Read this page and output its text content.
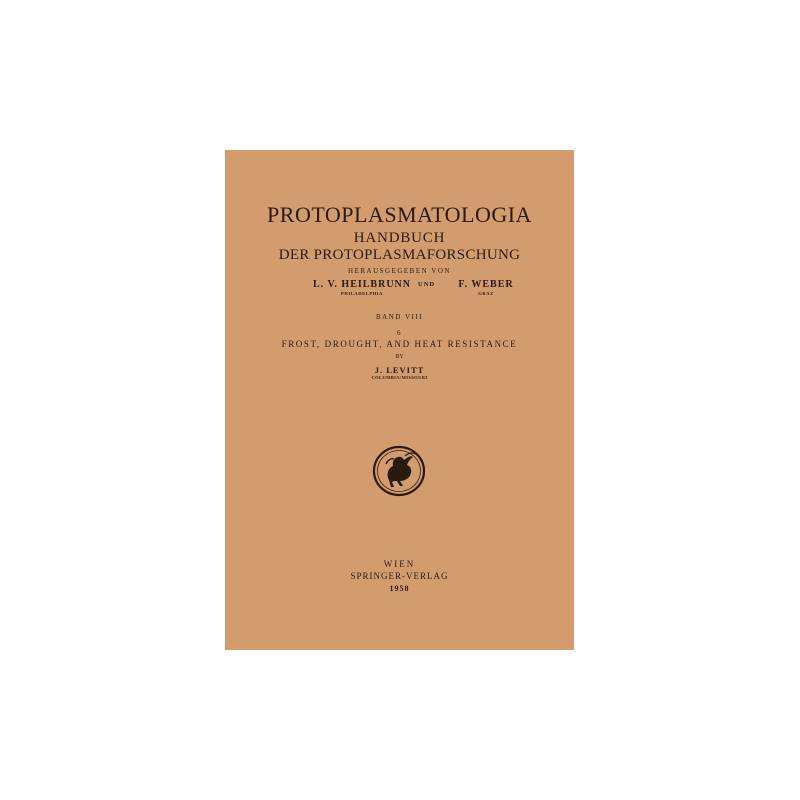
PROTOPLASMATOLOGIA
HANDBUCH
DER PROTOPLASMAFORSCHUNG
HERAUSGEGEBEN VON
L. V. HEILBRUNN
PHILADELPHIA
UND F. WEBER
GRAZ
BAND VIII
6
FROST, DROUGHT, AND HEAT RESISTANCE
BY
J. LEVITT
COLUMBIA/MISSOURI
WIEN
SPRINGER-VERLAG
1958
